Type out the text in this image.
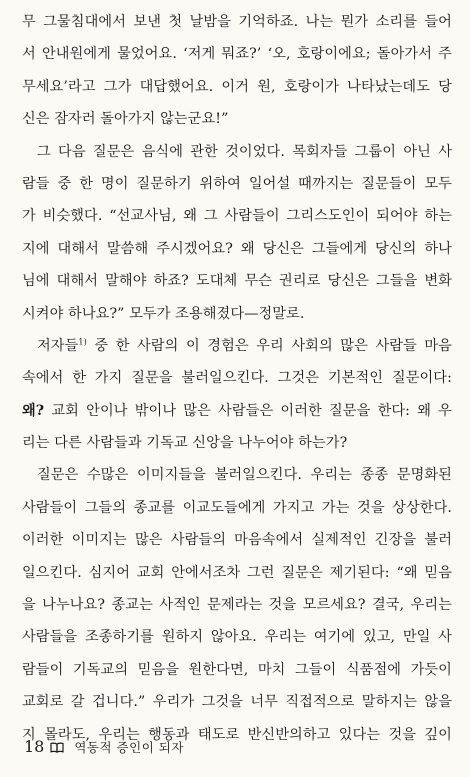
무 그물침대에서 보낸 첫 날밤을 기억하죠. 나는 뭔가 소리를 들어
서 안내원에게 물었어요. ‘저게 뭐죠?’ ‘오, 호랑이에요; 돌아가서 주
무세요’라고 그가 대답했어요. 이거 원, 호랑이가 나타났는데도 당
신은 잠자러 돌아가지 않는군요!”
그 다음 질문은 음식에 관한 것이었다. 목회자들 그룹이 아닌 사
람들 중 한 명이 질문하기 위하여 일어설 때까지는 질문들이 모두
가 비슷했다. “선교사님, 왜 그 사람들이 그리스도인이 되어야 하는
지에 대해서 말씀해 주시겠어요? 왜 당신은 그들에게 당신의 하나
님에 대해서 말해야 하죠? 도대체 무슨 권리로 당신은 그들을 변화
시켜야 하나요?” 모두가 조용해졌다—정말로.
저자들$^{1)}$ 중 한 사람의 이 경험은 우리 사회의 많은 사람들 마음
속에서 한 가지 질문을 불러일으킨다. 그것은 기본적인 질문이다:
왜? 교회 안이나 밖이나 많은 사람들은 이러한 질문을 한다: 왜 우
리는 다른 사람들과 기독교 신앙을 나누어야 하는가?
질문은 수많은 이미지들을 불러일으킨다. 우리는 종종 문명화된
사람들이 그들의 종교를 이교도들에게 가지고 가는 것을 상상한다.
이러한 이미지는 많은 사람들의 마음속에서 실제적인 긴장을 불러
일으킨다. 심지어 교회 안에서조차 그런 질문은 제기된다: “왜 믿음
을 나누나요? 종교는 사적인 문제라는 것을 모르세요? 결국, 우리는
사람들을 조종하기를 원하지 않아요. 우리는 여기에 있고, 만일 사
람들이 기독교의 믿음을 원한다면, 마치 그들이 식품점에 가듯이
교회로 갈 겁니다.” 우리가 그것을 너무 직접적으로 말하지는 않을
지 몰라도, 우리는 행동과 태도로 반신반의하고 있다는 것을 깊이
18 역동적 증인이 되자
